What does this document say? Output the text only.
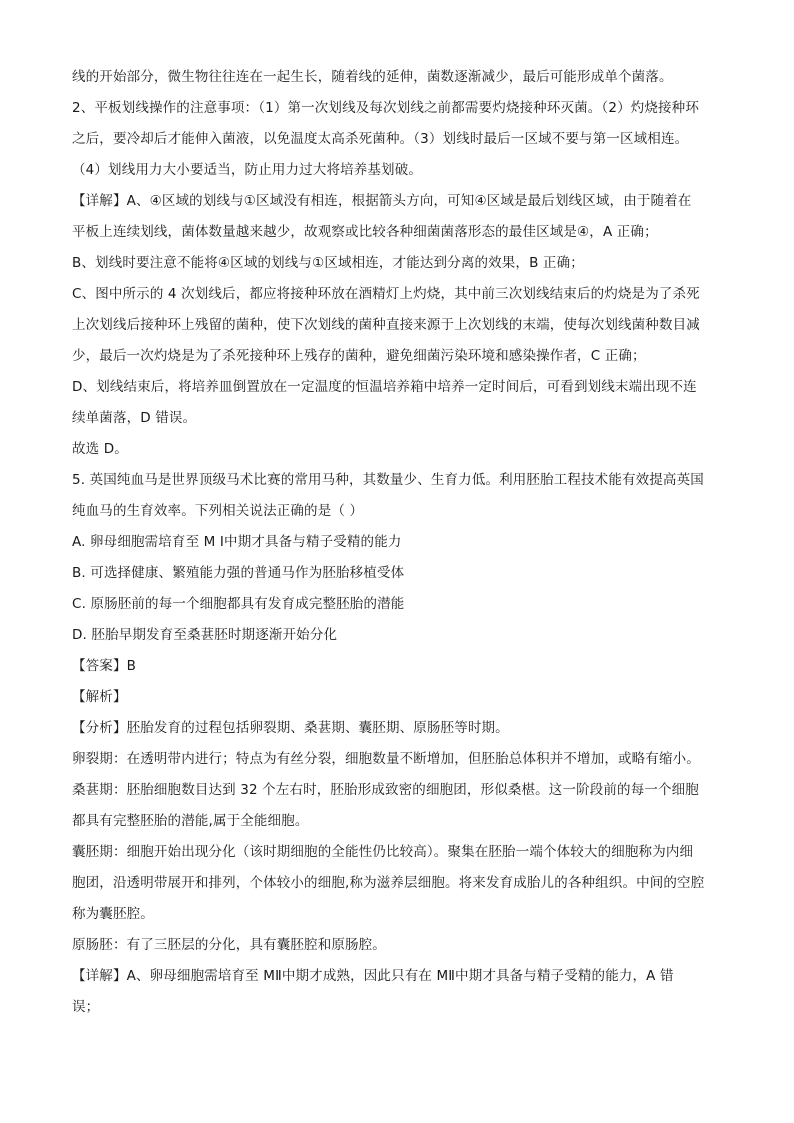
线的开始部分，微生物往往连在一起生长，随着线的延伸，菌数逐渐减少，最后可能形成单个菌落。
2、平板划线操作的注意事项：（1）第一次划线及每次划线之前都需要灼烧接种环灭菌。（2）灼烧接种环
之后，要冷却后才能伸入菌液，以免温度太高杀死菌种。（3）划线时最后一区域不要与第一区域相连。
（4）划线用力大小要适当，防止用力过大将培养基划破。
【详解】A、④区域的划线与①区域没有相连，根据箭头方向，可知④区域是最后划线区域，由于随着在
平板上连续划线，菌体数量越来越少，故观察或比较各种细菌菌落形态的最佳区域是④，A 正确；
B、划线时要注意不能将④区域的划线与①区域相连，才能达到分离的效果，B 正确；
C、图中所示的 4 次划线后，都应将接种环放在酒精灯上灼烧，其中前三次划线结束后的灼烧是为了杀死
上次划线后接种环上残留的菌种，使下次划线的菌种直接来源于上次划线的末端，使每次划线菌种数目减
少，最后一次灼烧是为了杀死接种环上残存的菌种，避免细菌污染环境和感染操作者，C 正确；
D、划线结束后，将培养皿倒置放在一定温度的恒温培养箱中培养一定时间后，可看到划线末端出现不连
续单菌落，D 错误。
故选 D。
5. 英国纯血马是世界顶级马术比赛的常用马种，其数量少、生育力低。利用胚胎工程技术能有效提高英国
纯血马的生育效率。下列相关说法正确的是（ ）
A. 卵母细胞需培育至 M Ⅰ中期才具备与精子受精的能力
B. 可选择健康、繁殖能力强的普通马作为胚胎移植受体
C. 原肠胚前的每一个细胞都具有发育成完整胚胎的潜能
D. 胚胎早期发育至桑葚胚时期逐渐开始分化
【答案】B
【解析】
【分析】胚胎发育的过程包括卵裂期、桑葚期、囊胚期、原肠胚等时期。
卵裂期：在透明带内进行；特点为有丝分裂，细胞数量不断增加，但胚胎总体积并不增加，或略有缩小。
桑葚期：胚胎细胞数目达到 32 个左右时，胚胎形成致密的细胞团，形似桑椹。这一阶段前的每一个细胞
都具有完整胚胎的潜能,属于全能细胞。
囊胚期：细胞开始出现分化（该时期细胞的全能性仍比较高）。聚集在胚胎一端个体较大的细胞称为内细
胞团，沿透明带展开和排列，个体较小的细胞,称为滋养层细胞。将来发育成胎儿的各种组织。中间的空腔
称为囊胚腔。
原肠胚：有了三胚层的分化，具有囊胚腔和原肠腔。
【详解】A、卵母细胞需培育至 MⅡ中期才成熟，因此只有在 MⅡ中期才具备与精子受精的能力，A 错
误；
